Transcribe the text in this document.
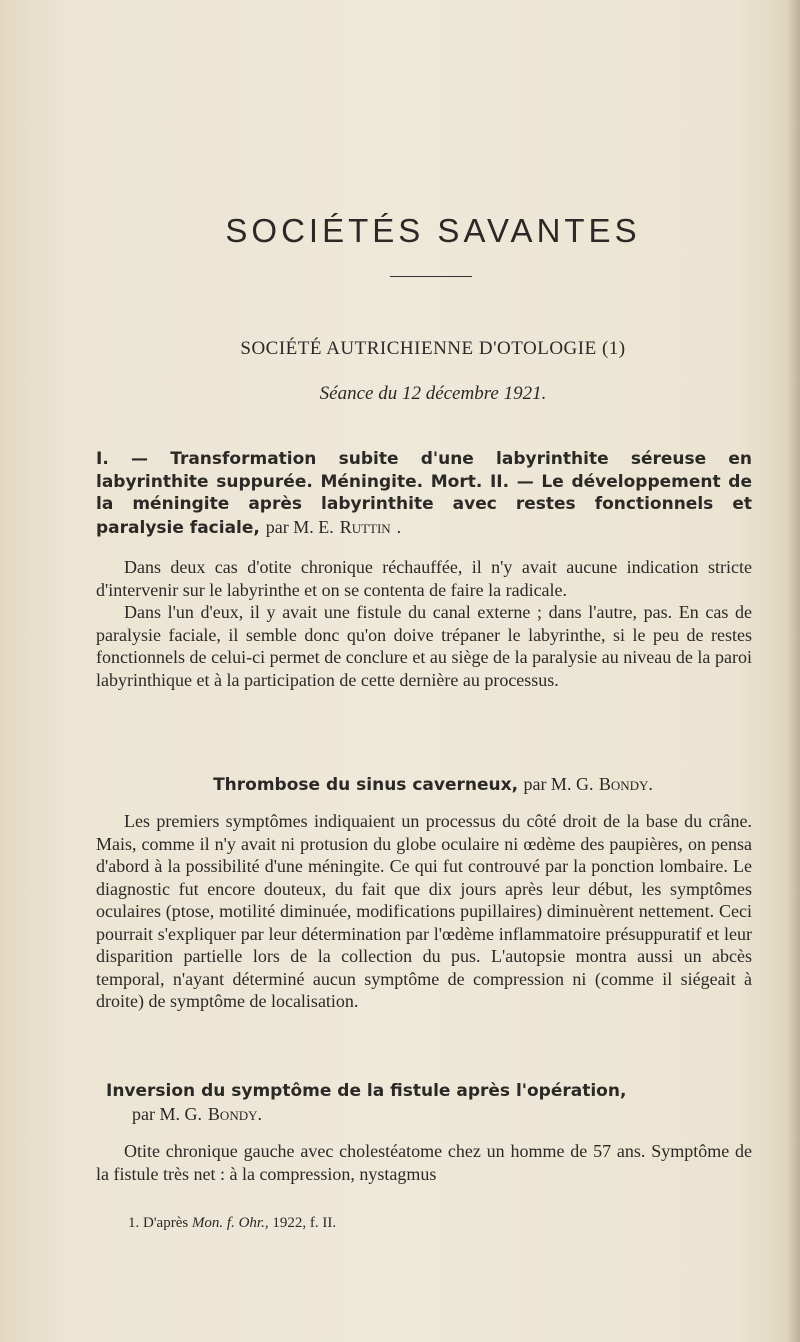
SOCIÉTÉS SAVANTES
SOCIÉTÉ AUTRICHIENNE D'OTOLOGIE (1)
Séance du 12 décembre 1921.
I. — Transformation subite d'une labyrinthite séreuse en labyrinthite suppurée. Méningite. Mort. II. — Le développement de la méningite après labyrinthite avec restes fonctionnels et paralysie faciale, par M. E. Ruttin .

Dans deux cas d'otite chronique réchauffée, il n'y avait aucune indication stricte d'intervenir sur le labyrinthe et on se contenta de faire la radicale.

Dans l'un d'eux, il y avait une fistule du canal externe ; dans l'autre, pas. En cas de paralysie faciale, il semble donc qu'on doive trépaner le labyrinthe, si le peu de restes fonctionnels de celui-ci permet de conclure et au siège de la paralysie au niveau de la paroi labyrinthique et à la participation de cette dernière au processus.

Thrombose du sinus caverneux, par M. G. Bondy.

Les premiers symptômes indiquaient un processus du côté droit de la base du crâne. Mais, comme il n'y avait ni protusion du globe oculaire ni œdème des paupières, on pensa d'abord à la possibilité d'une méningite. Ce qui fut controuvé par la ponction lombaire. Le diagnostic fut encore douteux, du fait que dix jours après leur début, les symptômes oculaires (ptose, motilité diminuée, modifications pupillaires) diminuèrent nettement. Ceci pourrait s'expliquer par leur détermination par l'œdème inflammatoire présuppuratif et leur disparition partielle lors de la collection du pus. L'autopsie montra aussi un abcès temporal, n'ayant déterminé aucun symptôme de compression ni (comme il siégeait à droite) de symptôme de localisation.

Inversion du symptôme de la fistule après l'opération,
par M. G. Bondy.

Otite chronique gauche avec cholestéatome chez un homme de 57 ans. Symptôme de la fistule très net : à la compression, nystagmus

1. D'après Mon. f. Ohr., 1922, f. II.
